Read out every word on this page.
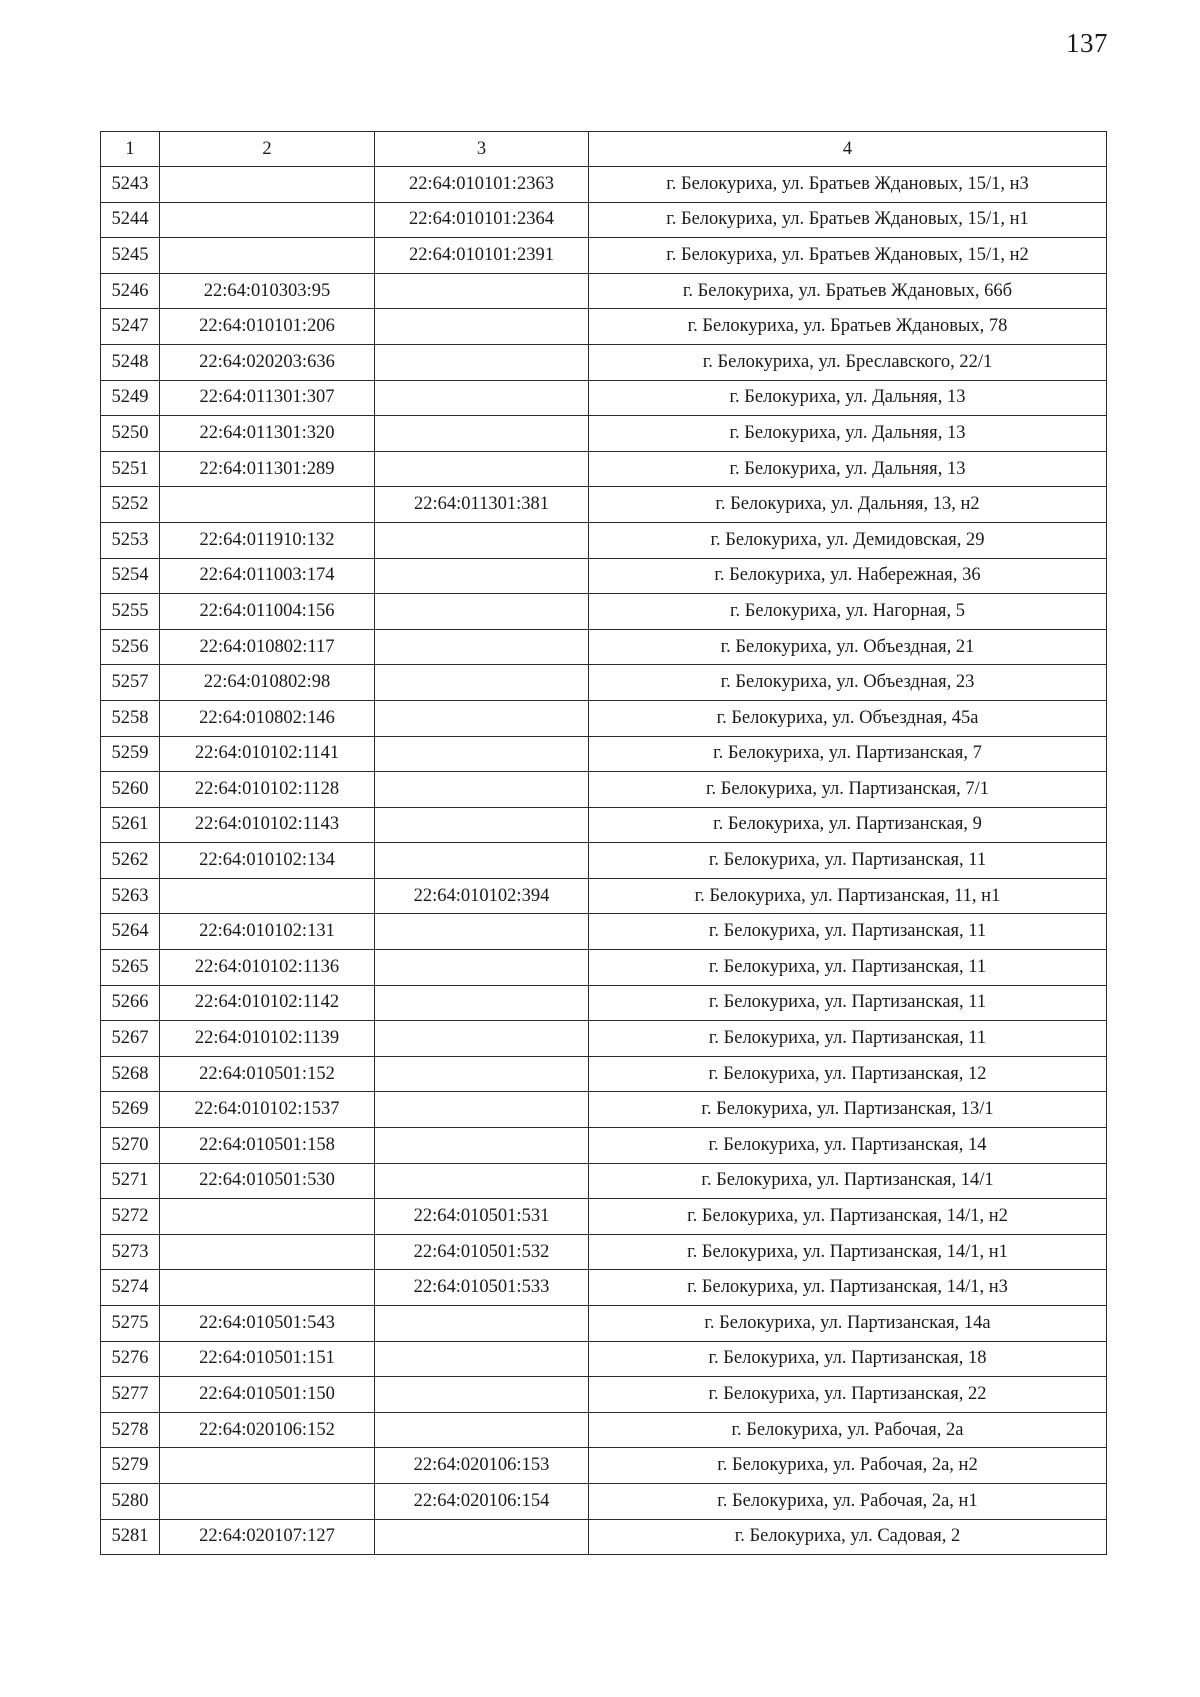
137
1	2	3	4
5243		22:64:010101:2363	г. Белокуриха, ул. Братьев Ждановых, 15/1, н3
5244		22:64:010101:2364	г. Белокуриха, ул. Братьев Ждановых, 15/1, н1
5245		22:64:010101:2391	г. Белокуриха, ул. Братьев Ждановых, 15/1, н2
5246	22:64:010303:95		г. Белокуриха, ул. Братьев Ждановых, 66б
5247	22:64:010101:206		г. Белокуриха, ул. Братьев Ждановых, 78
5248	22:64:020203:636		г. Белокуриха, ул. Бреславского, 22/1
5249	22:64:011301:307		г. Белокуриха, ул. Дальняя, 13
5250	22:64:011301:320		г. Белокуриха, ул. Дальняя, 13
5251	22:64:011301:289		г. Белокуриха, ул. Дальняя, 13
5252		22:64:011301:381	г. Белокуриха, ул. Дальняя, 13, н2
5253	22:64:011910:132		г. Белокуриха, ул. Демидовская, 29
5254	22:64:011003:174		г. Белокуриха, ул. Набережная, 36
5255	22:64:011004:156		г. Белокуриха, ул. Нагорная, 5
5256	22:64:010802:117		г. Белокуриха, ул. Объездная, 21
5257	22:64:010802:98		г. Белокуриха, ул. Объездная, 23
5258	22:64:010802:146		г. Белокуриха, ул. Объездная, 45а
5259	22:64:010102:1141		г. Белокуриха, ул. Партизанская, 7
5260	22:64:010102:1128		г. Белокуриха, ул. Партизанская, 7/1
5261	22:64:010102:1143		г. Белокуриха, ул. Партизанская, 9
5262	22:64:010102:134		г. Белокуриха, ул. Партизанская, 11
5263		22:64:010102:394	г. Белокуриха, ул. Партизанская, 11, н1
5264	22:64:010102:131		г. Белокуриха, ул. Партизанская, 11
5265	22:64:010102:1136		г. Белокуриха, ул. Партизанская, 11
5266	22:64:010102:1142		г. Белокуриха, ул. Партизанская, 11
5267	22:64:010102:1139		г. Белокуриха, ул. Партизанская, 11
5268	22:64:010501:152		г. Белокуриха, ул. Партизанская, 12
5269	22:64:010102:1537		г. Белокуриха, ул. Партизанская, 13/1
5270	22:64:010501:158		г. Белокуриха, ул. Партизанская, 14
5271	22:64:010501:530		г. Белокуриха, ул. Партизанская, 14/1
5272		22:64:010501:531	г. Белокуриха, ул. Партизанская, 14/1, н2
5273		22:64:010501:532	г. Белокуриха, ул. Партизанская, 14/1, н1
5274		22:64:010501:533	г. Белокуриха, ул. Партизанская, 14/1, н3
5275	22:64:010501:543		г. Белокуриха, ул. Партизанская, 14а
5276	22:64:010501:151		г. Белокуриха, ул. Партизанская, 18
5277	22:64:010501:150		г. Белокуриха, ул. Партизанская, 22
5278	22:64:020106:152		г. Белокуриха, ул. Рабочая, 2а
5279		22:64:020106:153	г. Белокуриха, ул. Рабочая, 2а, н2
5280		22:64:020106:154	г. Белокуриха, ул. Рабочая, 2а, н1
5281	22:64:020107:127		г. Белокуриха, ул. Садовая, 2
